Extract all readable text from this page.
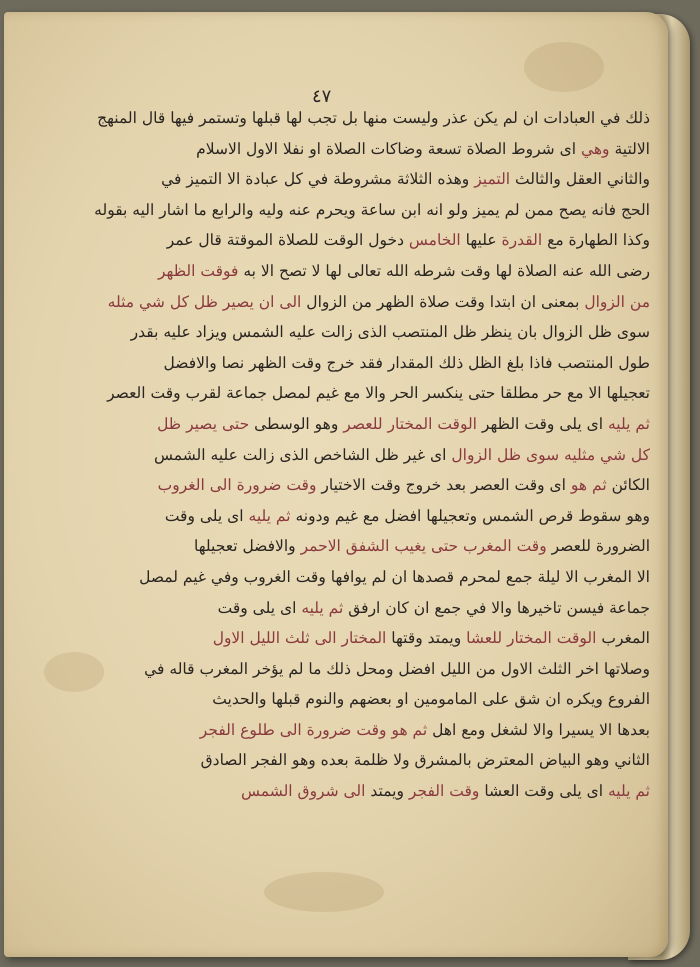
٤٧
ذلك في العبادات ان لم يكن عذر وليست منها بل تجب لها قبلها وتستمر فيها قال المنهج
الالتية وهي اى شروط الصلاة تسعة وضاكات الصلاة او نفلا الاول الاسلام
والثاني العقل والثالث التميز وهذه الثلاثة مشروطة في كل عبادة الا التميز في
الحج فانه يصح ممن لم يميز ولو انه ابن ساعة ويحرم عنه وليه والرابع ما اشار اليه بقوله
وكذا الطهارة مع القدرة عليها الخامس دخول الوقت للصلاة الموقتة قال عمر
رضى الله عنه الصلاة لها وقت شرطه الله تعالى لها لا تصح الا به فوقت الظهر
من الزوال بمعنى ان ابتدا وقت صلاة الظهر من الزوال الى ان يصير ظل كل شي مثله
سوى ظل الزوال بان ينظر ظل المنتصب الذى زالت عليه الشمس ويزاد عليه بقدر
طول المنتصب فاذا بلغ الظل ذلك المقدار فقد خرج وقت الظهر نصا والافضل
تعجيلها الا مع حر مطلقا حتى ينكسر الحر والا مع غيم لمصل جماعة لقرب وقت العصر
ثم يليه اى يلى وقت الظهر الوقت المختار للعصر وهو الوسطى حتى يصير ظل
كل شي مثليه سوى ظل الزوال اى غير ظل الشاخص الذى زالت عليه الشمس
الكائن ثم هو اى وقت العصر بعد خروج وقت الاختيار وقت ضرورة الى الغروب
وهو سقوط قرص الشمس وتعجيلها افضل مع غيم ودونه ثم يليه اى يلى وقت
الضرورة للعصر وقت المغرب حتى يغيب الشفق الاحمر والافضل تعجيلها
الا المغرب الا ليلة جمع لمحرم قصدها ان لم يوافها وقت الغروب وفي غيم لمصل
جماعة فيسن تاخيرها والا في جمع ان كان ارفق ثم يليه اى يلى وقت
المغرب الوقت المختار للعشا ويمتد وقتها المختار الى ثلث الليل الاول
وصلاتها اخر الثلث الاول من الليل افضل ومحل ذلك ما لم يؤخر المغرب قاله في
الفروع ويكره ان شق على المامومين او بعضهم والنوم قبلها والحديث
بعدها الا يسيرا والا لشغل ومع اهل ثم هو وقت ضرورة الى طلوع الفجر
الثاني وهو البياض المعترض بالمشرق ولا ظلمة بعده وهو الفجر الصادق
ثم يليه اى يلى وقت العشا وقت الفجر ويمتد الى شروق الشمس
